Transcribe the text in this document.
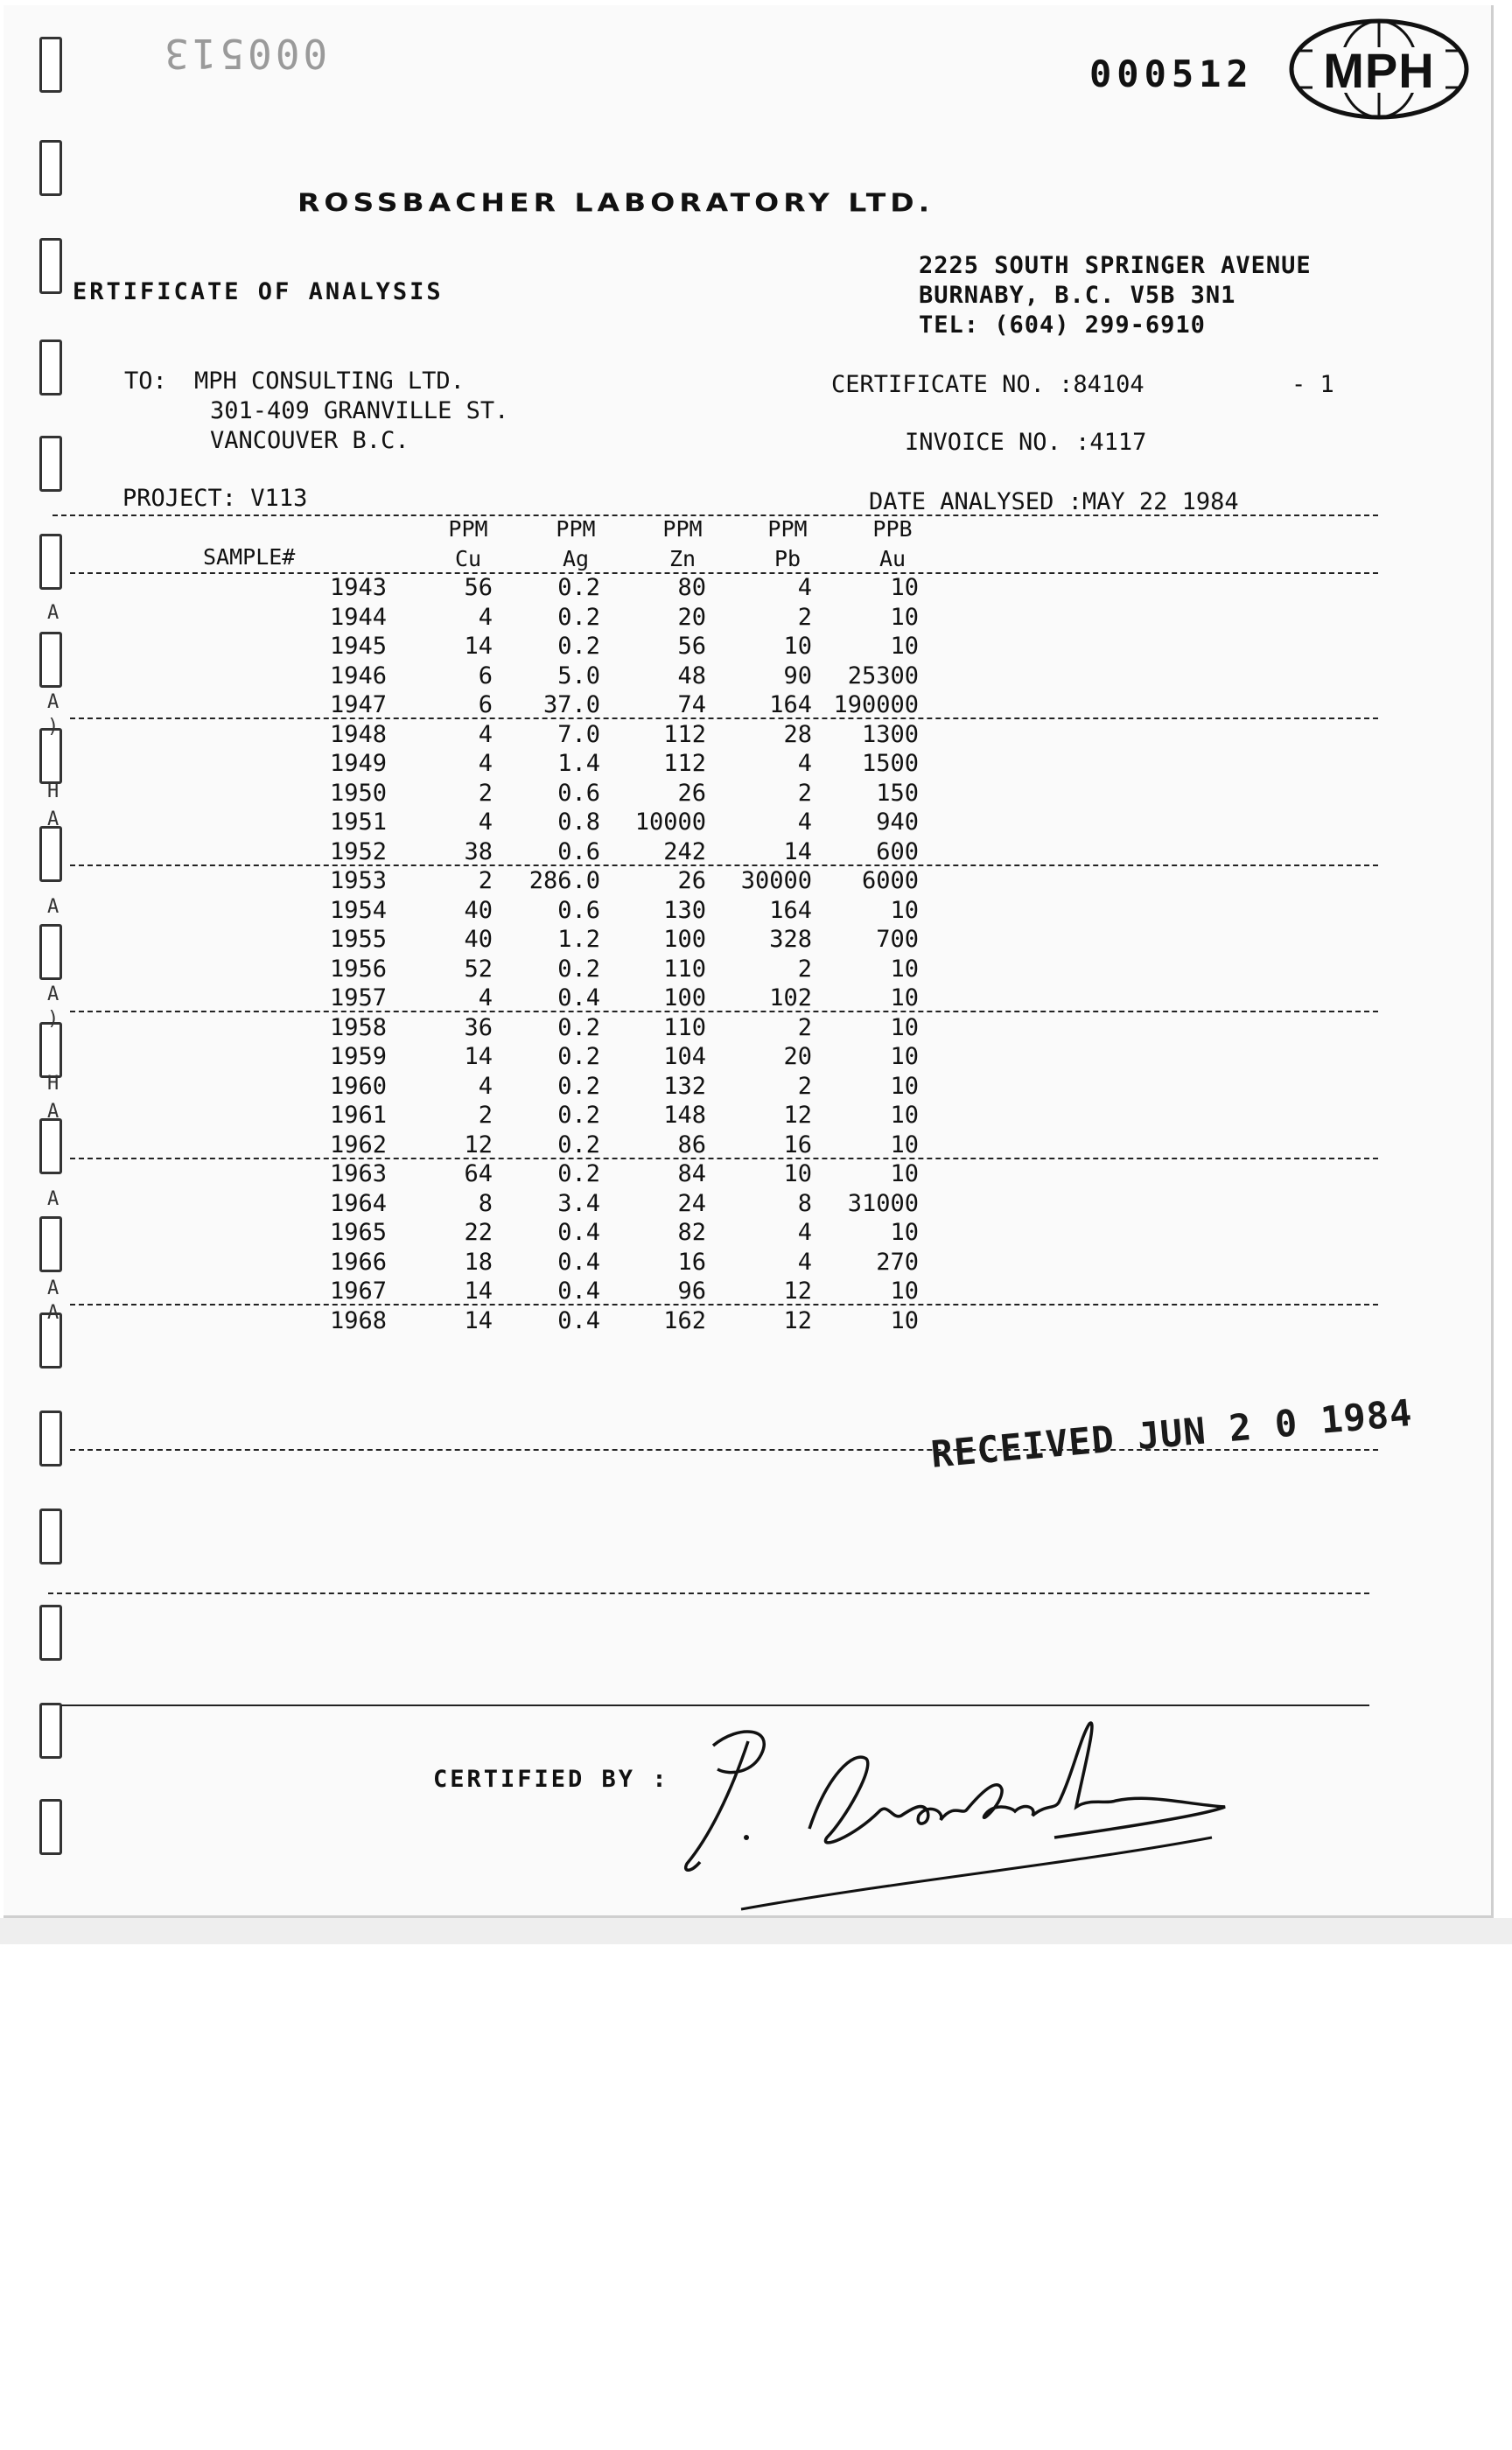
A
A
)
H
A
A
A
)
H
A
A
A
A
000513	000512	MPH
ROSSBACHER LABORATORY LTD.
ERTIFICATE OF ANALYSIS
2225 SOUTH SPRINGER AVENUE
BURNABY, B.C. V5B 3N1
TEL: (604) 299-6910
TO: MPH CONSULTING LTD.
301-409 GRANVILLE ST.
VANCOUVER B.C.
CERTIFICATE NO. :84104	- 1
INVOICE NO. :4117
PROJECT: V113	DATE ANALYSED :MAY 22 1984
PPM	PPM	PPM	PPM	PPB
SAMPLE#	Cu	Ag	Zn	Pb	Au
1943	56	0.2	80	4	10
1944	4	0.2	20	2	10
1945	14	0.2	56	10	10
1946	6	5.0	48	90	25300
1947	6	37.0	74	164 190000
1948	4	7.0	112	28	1300
1949	4	1.4	112	4	1500
1950	2	0.6	26	2	150
1951	4	0.8	10000	4	940
1952	38	0.6	242	14	600
1953	2	286.0	26	30000	6000
1954	40	0.6	130	164	10
1955	40	1.2	100	328	700
1956	52	0.2	110	2	10
1957	4	0.4	100	102	10
1958	36	0.2	110	2	10
1959	14	0.2	104	20	10
1960	4	0.2	132	2	10
1961	2	0.2	148	12	10
1962	12	0.2	86	16	10
1963	64	0.2	84	10	10
1964	8	3.4	24	8	31000
1965	22	0.4	82	4	10
1966	18	0.4	16	4	270
1967	14	0.4	96	12	10
1968	14	0.4	162	12	10
RECEIVED JUN 2 0 1984
CERTIFIED BY :
